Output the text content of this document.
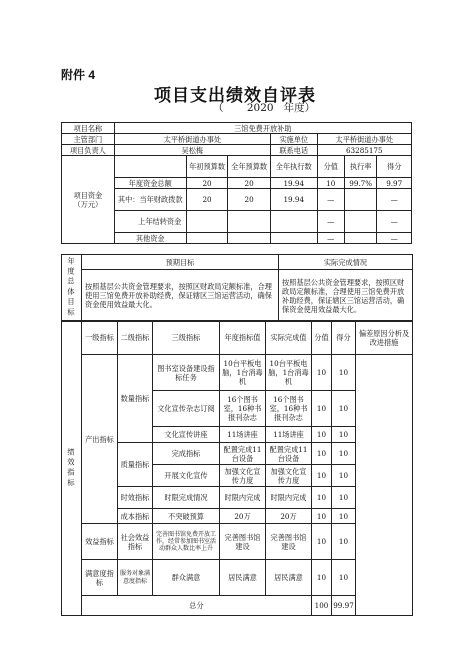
附件 4
项目支出绩效自评表
（       2020   年度）
项目名称	三馆免费开放补助						
主管部门	太平桥街道办事处			实施单位	太平桥街道办事处		
项目负责人	吴松梅			联系电话	63285175		
项目资金（万元）		年初预算数	全年预算数	全年执行数	分值	执行率	得分
	年度资金总额	20	20	19.94	10	99.7%	9.97
	其中：当年财政拨款	20	20	19.94	—		—
	上年结转资金				—		—
	其他资金				—		—
年度总体目标	预期目标	实际完成情况
	按照基层公共资金管理要求，按照区财政局定额标准，合理使用三馆免费开放补助经费，保证辖区三馆运营活动，确保资金使用效益最大化。	按照基层公共资金管理要求，按照区财政局定额标准，合理使用三馆免费开放补助经费，保证辖区三馆运营活动，确保资金使用效益最大化。
绩效指标	一级指标	二级指标	三级指标	年度指标值	实际完成值	分值	得分	偏差原因分析及改进措施
	产出指标	数量指标	图书室设备建设指标任务	10台平板电脑，1台消毒机	10台平板电脑，1台消毒机	10	10	
			文化宣传杂志订阅	16个图书室，16种书报刊杂志	16个图书室，16种书报刊杂志	10	10	
			文化宣传讲座	11场讲座	11场讲座	10	10	
		质量指标	完成指标	配置完成11台设备	配置完成11台设备	10	10	
			开展文化宣传	加强文化宣传力度	加强文化宣传力度	10	10	
		时效指标	时限完成情况	时限内完成	时限内完成	10	10	
		成本指标	不突破预算	20万	20万	10	10	
	效益指标	社会效益指标	完善图书馆免费开放工作，经常参加图书室活动群众人数比率上升	完善图书馆建设	完善图书馆建设	10	10	
	满意度指标	服务对象满意度指标	群众满意	居民满意	居民满意	10	10	
	总分					100	99.97	
